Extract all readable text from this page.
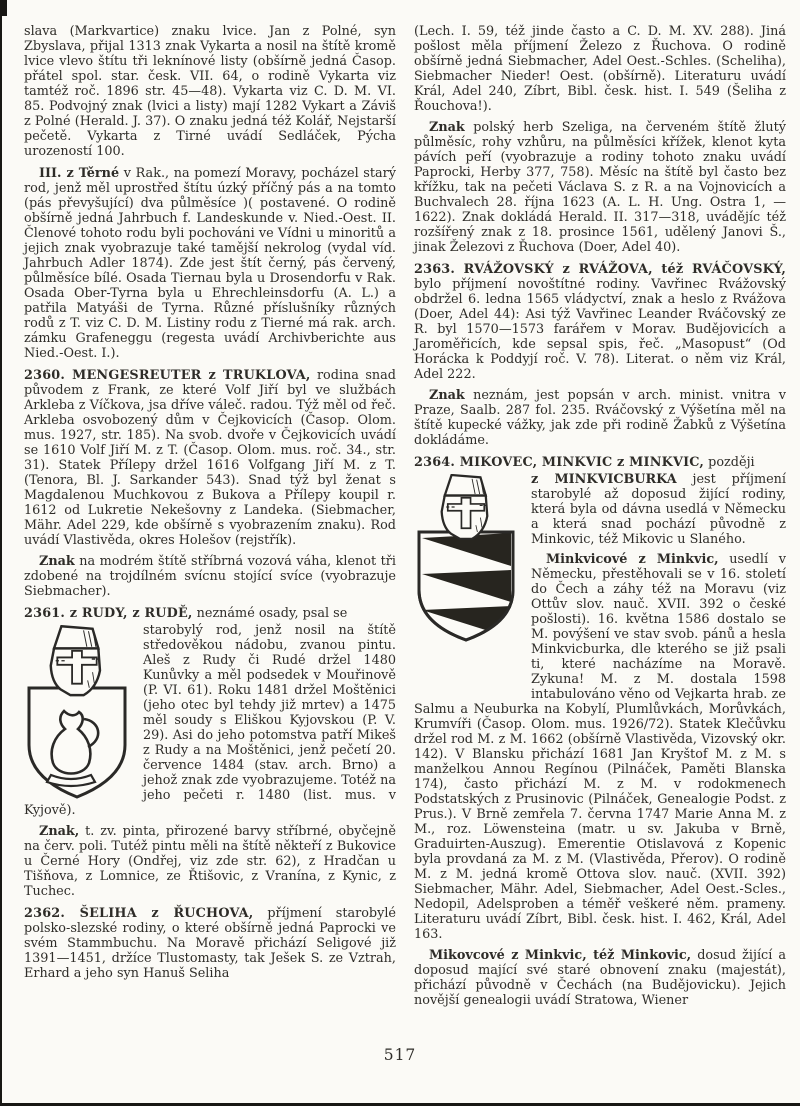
slava (Markvartice) znaku lvice. Jan z Polné, syn Zbyslava, přijal 1313 znak Vykarta a nosil na štítě kromě lvice vlevo štítu tři leknínové listy (obšírně jedná Časop. přátel spol. star. česk. VII. 64, o rodině Vykarta viz tamtéž roč. 1896 str. 45—48). Vykarta viz C. D. M. VI. 85. Podvojný znak (lvici a listy) mají 1282 Vykart a Záviš z Polné (Herald. J. 37). O znaku jedná též Kolář, Nejstarší pečetě. Vykarta z Tirné uvádí Sedláček, Pýcha urozeností 100.

III. z Těrné v Rak., na pomezí Moravy, pocházel starý rod, jenž měl uprostřed štítu úzký příčný pás a na tomto (pás převyšující) dva půlměsíce )( postavené. O rodině obšírně jedná Jahrbuch f. Landeskunde v. Nied.-Oest. II. Členové tohoto rodu byli pochováni ve Vídni u minoritů a jejich znak vyobrazuje také tamější nekrolog (vydal víd. Jahrbuch Adler 1874). Zde jest štít černý, pás červený, půlměsíce bílé. Osada Tiernau byla u Drosendorfu v Rak. Osada Ober-Tyrna byla u Ehrechleinsdorfu (A. L.) a patřila Matyáši de Tyrna. Různé příslušníky různých rodů z T. viz C. D. M. Listiny rodu z Tierné má rak. arch. zámku Grafeneggu (regesta uvádí Archivberichte aus Nied.-Oest. I.).

2360. MENGESREUTER z TRUKLOVA, rodina snad původem z Frank, ze které Volf Jiří byl ve službách Arkleba z Víčkova, jsa dříve váleč. radou. Týž měl od řeč. Arkleba osvobozený dům v Čejkovicích (Časop. Olom. mus. 1927, str. 185). Na svob. dvoře v Čejkovicích uvádí se 1610 Volf Jiří M. z T. (Časop. Olom. mus. roč. 34., str. 31). Statek Přílepy držel 1616 Volfgang Jiří M. z T. (Tenora, Bl. J. Sarkander 543). Snad týž byl ženat s Magdalenou Muchkovou z Bukova a Přílepy koupil r. 1612 od Lukretie Nekešovny z Landeka. (Siebmacher, Mähr. Adel 229, kde obšírně s vyobrazením znaku). Rod uvádí Vlastivěda, okres Holešov (rejstřík).

Znak na modrém štítě stříbrná vozová váha, klenot tři zdobené na trojdílném svícnu stojící svíce (vyobrazuje Siebmacher).

2361. z RUDY, z RUDĚ, neznámé osady, psal se

starobylý rod, jenž nosil na štítě středověkou nádobu, zvanou pintu. Aleš z Rudy či Rudé držel 1480 Kunůvky a měl podsedek v Mouřinově (P. VI. 61). Roku 1481 držel Moštěnici (jeho otec byl tehdy již mrtev) a 1475 měl soudy s Eliškou Kyjovskou (P. V. 29). Asi do jeho potomstva patří Mikeš z Rudy a na Moštěnici, jenž pečetí 20. července 1484 (stav. arch. Brno) a jehož znak zde vyobrazujeme. Totéž na jeho pečeti r. 1480 (list. mus. v Kyjově).

Znak, t. zv. pinta, přirozené barvy stříbrné, obyčejně na červ. poli. Tutéž pintu měli na štítě někteří z Bukovice u Černé Hory (Ondřej, viz zde str. 62), z Hradčan u Tišňova, z Lomnice, ze Řtišovic, z Vranína, z Kynic, z Tuchec.

2362. ŠELIHA z ŘUCHOVA, příjmení starobylé polsko-slezské rodiny, o které obšírně jedná Paprocki ve svém Stammbuchu. Na Moravě přichází Seligové již 1391—1451, držíce Tlustomasty, tak Ješek S. ze Vztrah, Erhard a jeho syn Hanuš Seliha

(Lech. I. 59, též jinde často a C. D. M. XV. 288). Jiná pošlost měla příjmení Železo z Řuchova. O rodině obšírně jedná Siebmacher, Adel Oest.-Schles. (Scheliha), Siebmacher Nieder! Oest. (obšírně). Literaturu uvádí Král, Adel 240, Zíbrt, Bibl. česk. hist. I. 549 (Šeliha z Řouchova!).

Znak polský herb Szeliga, na červeném štítě žlutý půlměsíc, rohy vzhůru, na půlměsíci křížek, klenot kyta pávích peří (vyobrazuje a rodiny tohoto znaku uvádí Paprocki, Herby 377, 758). Měsíc na štítě byl často bez křížku, tak na pečeti Václava S. z R. a na Vojnovicích a Buchvalech 28. října 1623 (A. L. H. Ung. Ostra 1, —1622). Znak dokládá Herald. II. 317—318, uvádějíc též rozšířený znak z 18. prosince 1561, udělený Janovi Š., jinak Železovi z Řuchova (Doer, Adel 40).

2363. RVÁŽOVSKÝ z RVÁŽOVA, též RVÁČOVSKÝ, bylo příjmení novoštítné rodiny. Vavřinec Rvážovský obdržel 6. ledna 1565 vládyctví, znak a heslo z Rvážova (Doer, Adel 44): Asi týž Vavřinec Leander Rváčovský ze R. byl 1570—1573 farářem v Morav. Budějovicích a Jaroměřicích, kde sepsal spis, řeč. „Masopust“ (Od Horácka k Poddyjí roč. V. 78). Literat. o něm viz Král, Adel 222.

Znak neznám, jest popsán v arch. minist. vnitra v Praze, Saalb. 287 fol. 235. Rváčovský z Výšetína měl na štítě kupecké vážky, jak zde při rodině Žabků z Výšetína dokládáme.

2364. MIKOVEC, MINKVIC z MINKVIC, později

z MINKVICBURKA jest příjmení starobylé až doposud žijící rodiny, která byla od dávna usedlá v Německu a která snad pochází původně z Minkovic, též Mikovic u Slaného.

Minkvicové z Minkvic, usedlí v Německu, přestěhovali se v 16. století do Čech a záhy též na Moravu (viz Ottův slov. nauč. XVII. 392 o české pošlosti). 16. května 1586 dostalo se M. povýšení ve stav svob. pánů a hesla Minkvicburka, dle kterého se již psali ti, které nacházíme na Moravě. Zykuna! M. z M. dostala 1598 intabulováno věno od Vejkarta hrab. ze Salmu a Neuburka na Kobylí, Plumlůvkách, Morůvkách, Krumvíři (Časop. Olom. mus. 1926/72). Statek Klečůvku držel rod M. z M. 1662 (obšírně Vlastivěda, Vizovský okr. 142). V Blansku přichází 1681 Jan Kryštof M. z M. s manželkou Annou Regínou (Pilnáček, Paměti Blanska 174), často přichází M. z M. v rodokmenech Podstatských z Prusinovic (Pilnáček, Genealogie Podst. z Prus.). V Brně zemřela 7. června 1747 Marie Anna M. z M., roz. Löwensteina (matr. u sv. Jakuba v Brně, Graduirten-Auszug). Emerentie Otislavová z Kopenic byla provdaná za M. z M. (Vlastivěda, Přerov). O rodině M. z M. jedná kromě Ottova slov. nauč. (XVII. 392) Siebmacher, Mähr. Adel, Siebmacher, Adel Oest.-Scles., Nedopil, Adelsproben a téměř veškeré něm. prameny. Literaturu uvádí Zíbrt, Bibl. česk. hist. I. 462, Král, Adel 163.

Mikovcové z Minkvic, též Minkovic, dosud žijící a doposud mající své staré obnovení znaku (majestát), přichází původně v Čechách (na Budějovicku). Jejich novější genealogii uvádí Stratowa, Wiener

517
